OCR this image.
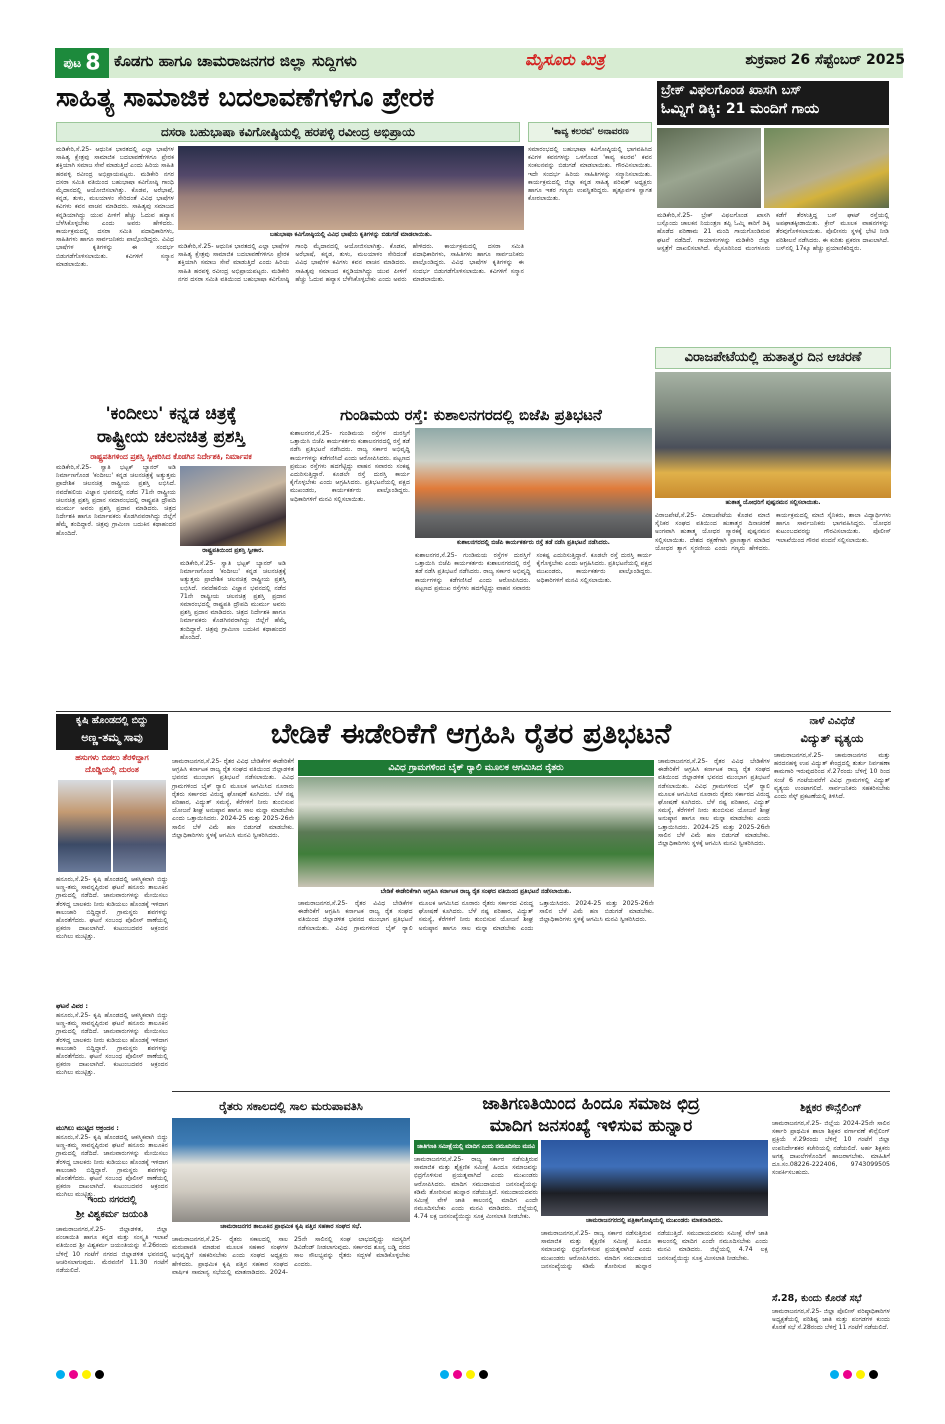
ಪುಟ 8 ಕೊಡಗು ಹಾಗೂ ಚಾಮರಾಜನಗರ ಜಿಲ್ಲಾ ಸುದ್ದಿಗಳು	ಮೈಸೂರು ಮಿತ್ರ	ಶುಕ್ರವಾರ 26 ಸೆಪ್ಟೆಂಬರ್ 2025
ಸಾಹಿತ್ಯ ಸಾಮಾಜಿಕ ಬದಲಾವಣೆಗಳಿಗೂ ಪ್ರೇರಕ
ದಸರಾ ಬಹುಭಾಷಾ ಕವಿಗೋಷ್ಠಿಯಲ್ಲಿ ಹರಪಳ್ಳಿ ರವೀಂದ್ರ ಅಭಿಪ್ರಾಯ
ಮಡಿಕೇರಿ,ಸೆ.25- ಆಧುನಿಕ ಭಾರತದಲ್ಲಿ ಎಲ್ಲಾ ಭಾಷೆಗಳ ಸಾಹಿತ್ಯ ಕ್ಷೇತ್ರವು ಸಾಮಾಜಿಕ ಬದಲಾವಣೆಗಳಿಗೂ ಪ್ರೇರಕ ಶಕ್ತಿಯಾಗಿ ಸಮಾಜ ಸೇವೆ ಮಾಡುತ್ತಿದೆ ಎಂದು ಹಿರಿಯ ಸಾಹಿತಿ ಹರಪಳ್ಳಿ ರವೀಂದ್ರ ಅಭಿಪ್ರಾಯಪಟ್ಟರು. ಮಡಿಕೇರಿ ನಗರ ದಸರಾ ಸಮಿತಿ ವತಿಯಿಂದ ಬಹುಭಾಷಾ ಕವಿಗೋಷ್ಠಿ ಗಾಂಧಿ ಮೈದಾನದಲ್ಲಿ ಆಯೋಜಿಸಲಾಗಿತ್ತು. ಕೊಡವ, ಅರೆಭಾಷೆ, ಕನ್ನಡ, ತುಳು, ಮಲಯಾಳಂ ಸೇರಿದಂತೆ ವಿವಿಧ ಭಾಷೆಗಳ ಕವಿಗಳು ಕವನ ವಾಚನ ಮಾಡಿದರು. ಸಾಹಿತ್ಯವು ಸಮಾಜದ ಕನ್ನಡಿಯಾಗಿದ್ದು ಯುವ ಪೀಳಿಗೆ ಹೆಚ್ಚು ಓದುವ ಹವ್ಯಾಸ ಬೆಳೆಸಿಕೊಳ್ಳಬೇಕು ಎಂದು ಅವರು ಹೇಳಿದರು. ಕಾರ್ಯಕ್ರಮದಲ್ಲಿ ದಸರಾ ಸಮಿತಿ ಪದಾಧಿಕಾರಿಗಳು, ಸಾಹಿತಿಗಳು ಹಾಗೂ ಸಾರ್ವಜನಿಕರು ಪಾಲ್ಗೊಂಡಿದ್ದರು. ವಿವಿಧ ಭಾಷೆಗಳ ಕೃತಿಗಳನ್ನು ಈ ಸಂದರ್ಭ ಬಿಡುಗಡೆಗೊಳಿಸಲಾಯಿತು. ಕವಿಗಳಿಗೆ ಸನ್ಮಾನ ಮಾಡಲಾಯಿತು.
ಬಹುಭಾಷಾ ಕವಿಗೋಷ್ಠಿಯಲ್ಲಿ ವಿವಿಧ ಭಾಷೆಯ ಕೃತಿಗಳನ್ನು ಬಿಡುಗಡೆ ಮಾಡಲಾಯಿತು.
ಮಡಿಕೇರಿ,ಸೆ.25- ಆಧುನಿಕ ಭಾರತದಲ್ಲಿ ಎಲ್ಲಾ ಭಾಷೆಗಳ ಸಾಹಿತ್ಯ ಕ್ಷೇತ್ರವು ಸಾಮಾಜಿಕ ಬದಲಾವಣೆಗಳಿಗೂ ಪ್ರೇರಕ ಶಕ್ತಿಯಾಗಿ ಸಮಾಜ ಸೇವೆ ಮಾಡುತ್ತಿದೆ ಎಂದು ಹಿರಿಯ ಸಾಹಿತಿ ಹರಪಳ್ಳಿ ರವೀಂದ್ರ ಅಭಿಪ್ರಾಯಪಟ್ಟರು. ಮಡಿಕೇರಿ ನಗರ ದಸರಾ ಸಮಿತಿ ವತಿಯಿಂದ ಬಹುಭಾಷಾ ಕವಿಗೋಷ್ಠಿ ಗಾಂಧಿ ಮೈದಾನದಲ್ಲಿ ಆಯೋಜಿಸಲಾಗಿತ್ತು. ಕೊಡವ, ಅರೆಭಾಷೆ, ಕನ್ನಡ, ತುಳು, ಮಲಯಾಳಂ ಸೇರಿದಂತೆ ವಿವಿಧ ಭಾಷೆಗಳ ಕವಿಗಳು ಕವನ ವಾಚನ ಮಾಡಿದರು. ಸಾಹಿತ್ಯವು ಸಮಾಜದ ಕನ್ನಡಿಯಾಗಿದ್ದು ಯುವ ಪೀಳಿಗೆ ಹೆಚ್ಚು ಓದುವ ಹವ್ಯಾಸ ಬೆಳೆಸಿಕೊಳ್ಳಬೇಕು ಎಂದು ಅವರು ಹೇಳಿದರು. ಕಾರ್ಯಕ್ರಮದಲ್ಲಿ ದಸರಾ ಸಮಿತಿ ಪದಾಧಿಕಾರಿಗಳು, ಸಾಹಿತಿಗಳು ಹಾಗೂ ಸಾರ್ವಜನಿಕರು ಪಾಲ್ಗೊಂಡಿದ್ದರು. ವಿವಿಧ ಭಾಷೆಗಳ ಕೃತಿಗಳನ್ನು ಈ ಸಂದರ್ಭ ಬಿಡುಗಡೆಗೊಳಿಸಲಾಯಿತು. ಕವಿಗಳಿಗೆ ಸನ್ಮಾನ ಮಾಡಲಾಯಿತು.
'ಕಾವ್ಯ ಕಲರವ' ಅನಾವರಣ
ಸಮಾರಂಭದಲ್ಲಿ ಬಹುಭಾಷಾ ಕವಿಗೋಷ್ಠಿಯಲ್ಲಿ ಭಾಗವಹಿಸಿದ ಕವಿಗಳ ಕವನಗಳನ್ನು ಒಳಗೊಂಡ 'ಕಾವ್ಯ ಕಲರವ' ಕವನ ಸಂಕಲನವನ್ನು ಬಿಡುಗಡೆ ಮಾಡಲಾಯಿತು. ಗೌರವಿಸಲಾಯಿತು. ಇದೇ ಸಂದರ್ಭ ಹಿರಿಯ ಸಾಹಿತಿಗಳನ್ನು ಸನ್ಮಾನಿಸಲಾಯಿತು. ಕಾರ್ಯಕ್ರಮದಲ್ಲಿ ಜಿಲ್ಲಾ ಕನ್ನಡ ಸಾಹಿತ್ಯ ಪರಿಷತ್ ಅಧ್ಯಕ್ಷರು ಹಾಗೂ ಇತರ ಗಣ್ಯರು ಉಪಸ್ಥಿತರಿದ್ದರು. ಹೃತ್ಪೂರ್ವಕ ಸ್ವಾಗತ ಕೋರಲಾಯಿತು.
ಬ್ರೇಕ್ ವಿಫಲಗೊಂಡ ಖಾಸಗಿ ಬಸ್
ಓಮ್ನಿಗೆ ಡಿಕ್ಕಿ: 21 ಮಂದಿಗೆ ಗಾಯ
ಮಡಿಕೇರಿ,ಸೆ.25- ಬ್ರೇಕ್ ವಿಫಲಗೊಂಡ ಖಾಸಗಿ ಬಸ್ಸೊಂದು ಚಾಲಕನ ನಿಯಂತ್ರಣ ತಪ್ಪಿ ಓಮ್ನಿ ಕಾರಿಗೆ ಡಿಕ್ಕಿ ಹೊಡೆದ ಪರಿಣಾಮ 21 ಮಂದಿ ಗಾಯಗೊಂಡಿರುವ ಘಟನೆ ನಡೆದಿದೆ. ಗಾಯಾಳುಗಳನ್ನು ಮಡಿಕೇರಿ ಜಿಲ್ಲಾ ಆಸ್ಪತ್ರೆಗೆ ದಾಖಲಿಸಲಾಗಿದೆ. ಮೈಸೂರಿನಿಂದ ಮಂಗಳೂರು ಕಡೆಗೆ ತೆರಳುತ್ತಿದ್ದ ಬಸ್ ಘಾಟ್ ರಸ್ತೆಯಲ್ಲಿ ಅಪಘಾತಕ್ಕೀಡಾಯಿತು. ಕ್ರೇನ್ ಮೂಲಕ ವಾಹನಗಳನ್ನು ತೆರವುಗೊಳಿಸಲಾಯಿತು. ಪೊಲೀಸರು ಸ್ಥಳಕ್ಕೆ ಭೇಟಿ ನೀಡಿ ಪರಿಶೀಲನೆ ನಡೆಸಿದರು. ಈ ಕುರಿತು ಪ್ರಕರಣ ದಾಖಲಾಗಿದೆ. ಬಸ್‌ನಲ್ಲಿ 17ಕ್ಕೂ ಹೆಚ್ಚು ಪ್ರಯಾಣಿಕರಿದ್ದರು.
ವಿರಾಜಪೇಟೆಯಲ್ಲಿ ಹುತಾತ್ಮರ ದಿನ ಆಚರಣೆ
ಹುತಾತ್ಮ ಯೋಧರಿಗೆ ಪುಷ್ಪನಮನ ಸಲ್ಲಿಸಲಾಯಿತು.
ವಿರಾಜಪೇಟೆ,ಸೆ.25- ವಿರಾಜಪೇಟೆಯ ಕೊಡವ ಮಾಜಿ ಸೈನಿಕರ ಸಂಘದ ವತಿಯಿಂದ ಹುತಾತ್ಮರ ದಿನಾಚರಣೆ ಅಂಗವಾಗಿ ಹುತಾತ್ಮ ಯೋಧರ ಸ್ಮಾರಕಕ್ಕೆ ಪುಷ್ಪನಮನ ಸಲ್ಲಿಸಲಾಯಿತು. ದೇಶದ ರಕ್ಷಣೆಗಾಗಿ ಪ್ರಾಣತ್ಯಾಗ ಮಾಡಿದ ಯೋಧರ ತ್ಯಾಗ ಸ್ಮರಣೀಯ ಎಂದು ಗಣ್ಯರು ಹೇಳಿದರು. ಕಾರ್ಯಕ್ರಮದಲ್ಲಿ ಮಾಜಿ ಸೈನಿಕರು, ಶಾಲಾ ವಿದ್ಯಾರ್ಥಿಗಳು ಹಾಗೂ ಸಾರ್ವಜನಿಕರು ಭಾಗವಹಿಸಿದ್ದರು. ಯೋಧರ ಕುಟುಂಬದವರನ್ನು ಗೌರವಿಸಲಾಯಿತು. ಪೊಲೀಸ್ ಇಲಾಖೆಯಿಂದ ಗೌರವ ವಂದನೆ ಸಲ್ಲಿಸಲಾಯಿತು.
'ಕಂದೀಲು' ಕನ್ನಡ ಚಿತ್ರಕ್ಕೆ
ರಾಷ್ಟ್ರೀಯ ಚಲನಚಿತ್ರ ಪ್ರಶಸ್ತಿ
ರಾಷ್ಟ್ರಪತಿಗಳಿಂದ ಪ್ರಶಸ್ತಿ ಸ್ವೀಕರಿಸಿದ ಕೊಡಗಿನ ನಿರ್ದೇಶಕಿ, ನಿರ್ಮಾಪಕ
ಮಡಿಕೇರಿ,ಸೆ.25- ಸ್ವಾತಿ ಭಟ್ಟಕ್ ಬ್ಯಾನರ್ ಅಡಿ ನಿರ್ಮಾಣಗೊಂಡ 'ಕಂದೀಲು' ಕನ್ನಡ ಚಲನಚಿತ್ರಕ್ಕೆ ಅತ್ಯುತ್ತಮ ಪ್ರಾದೇಶಿಕ ಚಲನಚಿತ್ರ ರಾಷ್ಟ್ರೀಯ ಪ್ರಶಸ್ತಿ ಲಭಿಸಿದೆ. ನವದೆಹಲಿಯ ವಿಜ್ಞಾನ ಭವನದಲ್ಲಿ ನಡೆದ 71ನೇ ರಾಷ್ಟ್ರೀಯ ಚಲನಚಿತ್ರ ಪ್ರಶಸ್ತಿ ಪ್ರದಾನ ಸಮಾರಂಭದಲ್ಲಿ ರಾಷ್ಟ್ರಪತಿ ದ್ರೌಪದಿ ಮುರ್ಮು ಅವರು ಪ್ರಶಸ್ತಿ ಪ್ರದಾನ ಮಾಡಿದರು. ಚಿತ್ರದ ನಿರ್ದೇಶಕಿ ಹಾಗೂ ನಿರ್ಮಾಪಕರು ಕೊಡಗಿನವರಾಗಿದ್ದು ಜಿಲ್ಲೆಗೆ ಹೆಮ್ಮೆ ತಂದಿದ್ದಾರೆ. ಚಿತ್ರವು ಗ್ರಾಮೀಣ ಬದುಕಿನ ಕಥಾಹಂದರ ಹೊಂದಿದೆ.
ರಾಷ್ಟ್ರಪತಿಯಿಂದ ಪ್ರಶಸ್ತಿ ಸ್ವೀಕಾರ.
ಮಡಿಕೇರಿ,ಸೆ.25- ಸ್ವಾತಿ ಭಟ್ಟಕ್ ಬ್ಯಾನರ್ ಅಡಿ ನಿರ್ಮಾಣಗೊಂಡ 'ಕಂದೀಲು' ಕನ್ನಡ ಚಲನಚಿತ್ರಕ್ಕೆ ಅತ್ಯುತ್ತಮ ಪ್ರಾದೇಶಿಕ ಚಲನಚಿತ್ರ ರಾಷ್ಟ್ರೀಯ ಪ್ರಶಸ್ತಿ ಲಭಿಸಿದೆ. ನವದೆಹಲಿಯ ವಿಜ್ಞಾನ ಭವನದಲ್ಲಿ ನಡೆದ 71ನೇ ರಾಷ್ಟ್ರೀಯ ಚಲನಚಿತ್ರ ಪ್ರಶಸ್ತಿ ಪ್ರದಾನ ಸಮಾರಂಭದಲ್ಲಿ ರಾಷ್ಟ್ರಪತಿ ದ್ರೌಪದಿ ಮುರ್ಮು ಅವರು ಪ್ರಶಸ್ತಿ ಪ್ರದಾನ ಮಾಡಿದರು. ಚಿತ್ರದ ನಿರ್ದೇಶಕಿ ಹಾಗೂ ನಿರ್ಮಾಪಕರು ಕೊಡಗಿನವರಾಗಿದ್ದು ಜಿಲ್ಲೆಗೆ ಹೆಮ್ಮೆ ತಂದಿದ್ದಾರೆ. ಚಿತ್ರವು ಗ್ರಾಮೀಣ ಬದುಕಿನ ಕಥಾಹಂದರ ಹೊಂದಿದೆ.
ಗುಂಡಿಮಯ ರಸ್ತೆ: ಕುಶಾಲನಗರದಲ್ಲಿ ಬಿಜೆಪಿ ಪ್ರತಿಭಟನೆ
ಕುಶಾಲನಗರದಲ್ಲಿ ಬಿಜೆಪಿ ಕಾರ್ಯಕರ್ತರು ರಸ್ತೆ ತಡೆ ನಡೆಸಿ ಪ್ರತಿಭಟನೆ ನಡೆಸಿದರು.
ಕುಶಾಲನಗರ,ಸೆ.25- ಗುಂಡಿಮಯ ರಸ್ತೆಗಳ ದುರಸ್ತಿಗೆ ಒತ್ತಾಯಿಸಿ ಬಿಜೆಪಿ ಕಾರ್ಯಕರ್ತರು ಕುಶಾಲನಗರದಲ್ಲಿ ರಸ್ತೆ ತಡೆ ನಡೆಸಿ ಪ್ರತಿಭಟನೆ ನಡೆಸಿದರು. ರಾಜ್ಯ ಸರ್ಕಾರ ಅಭಿವೃದ್ಧಿ ಕಾರ್ಯಗಳನ್ನು ಕಡೆಗಣಿಸಿದೆ ಎಂದು ಆರೋಪಿಸಿದರು. ಪಟ್ಟಣದ ಪ್ರಮುಖ ರಸ್ತೆಗಳು ಹದಗೆಟ್ಟಿದ್ದು ವಾಹನ ಸವಾರರು ಸಂಕಷ್ಟ ಎದುರಿಸುತ್ತಿದ್ದಾರೆ. ಕೂಡಲೇ ರಸ್ತೆ ದುರಸ್ತಿ ಕಾರ್ಯ ಕೈಗೊಳ್ಳಬೇಕು ಎಂದು ಆಗ್ರಹಿಸಿದರು. ಪ್ರತಿಭಟನೆಯಲ್ಲಿ ಪಕ್ಷದ ಮುಖಂಡರು, ಕಾರ್ಯಕರ್ತರು ಪಾಲ್ಗೊಂಡಿದ್ದರು. ಅಧಿಕಾರಿಗಳಿಗೆ ಮನವಿ ಸಲ್ಲಿಸಲಾಯಿತು.
ಕುಶಾಲನಗರ,ಸೆ.25- ಗುಂಡಿಮಯ ರಸ್ತೆಗಳ ದುರಸ್ತಿಗೆ ಒತ್ತಾಯಿಸಿ ಬಿಜೆಪಿ ಕಾರ್ಯಕರ್ತರು ಕುಶಾಲನಗರದಲ್ಲಿ ರಸ್ತೆ ತಡೆ ನಡೆಸಿ ಪ್ರತಿಭಟನೆ ನಡೆಸಿದರು. ರಾಜ್ಯ ಸರ್ಕಾರ ಅಭಿವೃದ್ಧಿ ಕಾರ್ಯಗಳನ್ನು ಕಡೆಗಣಿಸಿದೆ ಎಂದು ಆರೋಪಿಸಿದರು. ಪಟ್ಟಣದ ಪ್ರಮುಖ ರಸ್ತೆಗಳು ಹದಗೆಟ್ಟಿದ್ದು ವಾಹನ ಸವಾರರು ಸಂಕಷ್ಟ ಎದುರಿಸುತ್ತಿದ್ದಾರೆ. ಕೂಡಲೇ ರಸ್ತೆ ದುರಸ್ತಿ ಕಾರ್ಯ ಕೈಗೊಳ್ಳಬೇಕು ಎಂದು ಆಗ್ರಹಿಸಿದರು. ಪ್ರತಿಭಟನೆಯಲ್ಲಿ ಪಕ್ಷದ ಮುಖಂಡರು, ಕಾರ್ಯಕರ್ತರು ಪಾಲ್ಗೊಂಡಿದ್ದರು. ಅಧಿಕಾರಿಗಳಿಗೆ ಮನವಿ ಸಲ್ಲಿಸಲಾಯಿತು.
ಕೃಷಿ ಹೊಂಡದಲ್ಲಿ ಬಿದ್ದು
ಅಣ್ಣ-ತಮ್ಮ ಸಾವು
ಹಸುಗಳು ಬಿಡಲು ತೆರಳಿದ್ದಾಗ
ದೊಡ್ಡಿಯಲ್ಲಿ ದುರಂತ
ಹನೂರು,ಸೆ.25- ಕೃಷಿ ಹೊಂಡದಲ್ಲಿ ಆಕಸ್ಮಿಕವಾಗಿ ಬಿದ್ದು ಅಣ್ಣ-ತಮ್ಮ ಸಾವನ್ನಪ್ಪಿರುವ ಘಟನೆ ಹನೂರು ತಾಲೂಕಿನ ಗ್ರಾಮದಲ್ಲಿ ನಡೆದಿದೆ. ಜಾನುವಾರುಗಳನ್ನು ಮೇಯಿಸಲು ತೆರಳಿದ್ದ ಬಾಲಕರು ನೀರು ಕುಡಿಯಲು ಹೊಂಡಕ್ಕೆ ಇಳಿದಾಗ ಕಾಲುಜಾರಿ ಬಿದ್ದಿದ್ದಾರೆ. ಗ್ರಾಮಸ್ಥರು ಶವಗಳನ್ನು ಹೊರತೆಗೆದರು. ಘಟನೆ ಸಂಬಂಧ ಪೊಲೀಸ್ ಠಾಣೆಯಲ್ಲಿ ಪ್ರಕರಣ ದಾಖಲಾಗಿದೆ. ಕುಟುಂಬದವರ ಆಕ್ರಂದನ ಮುಗಿಲು ಮುಟ್ಟಿತ್ತು.
ಘಟನೆ ವಿವರ :
ಹನೂರು,ಸೆ.25- ಕೃಷಿ ಹೊಂಡದಲ್ಲಿ ಆಕಸ್ಮಿಕವಾಗಿ ಬಿದ್ದು ಅಣ್ಣ-ತಮ್ಮ ಸಾವನ್ನಪ್ಪಿರುವ ಘಟನೆ ಹನೂರು ತಾಲೂಕಿನ ಗ್ರಾಮದಲ್ಲಿ ನಡೆದಿದೆ. ಜಾನುವಾರುಗಳನ್ನು ಮೇಯಿಸಲು ತೆರಳಿದ್ದ ಬಾಲಕರು ನೀರು ಕುಡಿಯಲು ಹೊಂಡಕ್ಕೆ ಇಳಿದಾಗ ಕಾಲುಜಾರಿ ಬಿದ್ದಿದ್ದಾರೆ. ಗ್ರಾಮಸ್ಥರು ಶವಗಳನ್ನು ಹೊರತೆಗೆದರು. ಘಟನೆ ಸಂಬಂಧ ಪೊಲೀಸ್ ಠಾಣೆಯಲ್ಲಿ ಪ್ರಕರಣ ದಾಖಲಾಗಿದೆ. ಕುಟುಂಬದವರ ಆಕ್ರಂದನ ಮುಗಿಲು ಮುಟ್ಟಿತ್ತು.
ಮುಗಿಲು ಮುಟ್ಟಿದ ಆಕ್ರಂದನ :
ಹನೂರು,ಸೆ.25- ಕೃಷಿ ಹೊಂಡದಲ್ಲಿ ಆಕಸ್ಮಿಕವಾಗಿ ಬಿದ್ದು ಅಣ್ಣ-ತಮ್ಮ ಸಾವನ್ನಪ್ಪಿರುವ ಘಟನೆ ಹನೂರು ತಾಲೂಕಿನ ಗ್ರಾಮದಲ್ಲಿ ನಡೆದಿದೆ. ಜಾನುವಾರುಗಳನ್ನು ಮೇಯಿಸಲು ತೆರಳಿದ್ದ ಬಾಲಕರು ನೀರು ಕುಡಿಯಲು ಹೊಂಡಕ್ಕೆ ಇಳಿದಾಗ ಕಾಲುಜಾರಿ ಬಿದ್ದಿದ್ದಾರೆ. ಗ್ರಾಮಸ್ಥರು ಶವಗಳನ್ನು ಹೊರತೆಗೆದರು. ಘಟನೆ ಸಂಬಂಧ ಪೊಲೀಸ್ ಠಾಣೆಯಲ್ಲಿ ಪ್ರಕರಣ ದಾಖಲಾಗಿದೆ. ಕುಟುಂಬದವರ ಆಕ್ರಂದನ ಮುಗಿಲು ಮುಟ್ಟಿತ್ತು.
ಇಂದು ನಗರದಲ್ಲಿ
ಶ್ರೀ ವಿಶ್ವಕರ್ಮ ಜಯಂತಿ
ಚಾಮರಾಜನಗರ,ಸೆ.25- ಜಿಲ್ಲಾಡಳಿತ, ಜಿಲ್ಲಾ ಪಂಚಾಯಿತಿ ಹಾಗೂ ಕನ್ನಡ ಮತ್ತು ಸಂಸ್ಕೃತಿ ಇಲಾಖೆ ವತಿಯಿಂದ ಶ್ರೀ ವಿಶ್ವಕರ್ಮ ಜಯಂತಿಯನ್ನು ಸೆ.26ರಂದು ಬೆಳಿಗ್ಗೆ 10 ಗಂಟೆಗೆ ನಗರದ ಜಿಲ್ಲಾಡಳಿತ ಭವನದಲ್ಲಿ ಆಚರಿಸಲಾಗುವುದು. ಮೆರವಣಿಗೆ 11.30 ಗಂಟೆಗೆ ನಡೆಯಲಿದೆ.
ಬೇಡಿಕೆ ಈಡೇರಿಕೆಗೆ ಆಗ್ರಹಿಸಿ ರೈತರ ಪ್ರತಿಭಟನೆ
ಚಾಮರಾಜನಗರ,ಸೆ.25- ರೈತರ ವಿವಿಧ ಬೇಡಿಕೆಗಳ ಈಡೇರಿಕೆಗೆ ಆಗ್ರಹಿಸಿ ಕರ್ನಾಟಕ ರಾಜ್ಯ ರೈತ ಸಂಘದ ವತಿಯಿಂದ ಜಿಲ್ಲಾಡಳಿತ ಭವನದ ಮುಂಭಾಗ ಪ್ರತಿಭಟನೆ ನಡೆಸಲಾಯಿತು. ವಿವಿಧ ಗ್ರಾಮಗಳಿಂದ ಬೈಕ್ ರ‍್ಯಾಲಿ ಮೂಲಕ ಆಗಮಿಸಿದ ನೂರಾರು ರೈತರು ಸರ್ಕಾರದ ವಿರುದ್ಧ ಘೋಷಣೆ ಕೂಗಿದರು. ಬೆಳೆ ನಷ್ಟ ಪರಿಹಾರ, ವಿದ್ಯುತ್ ಸಮಸ್ಯೆ, ಕೆರೆಗಳಿಗೆ ನೀರು ತುಂಬಿಸುವ ಯೋಜನೆ ಶೀಘ್ರ ಅನುಷ್ಠಾನ ಹಾಗೂ ಸಾಲ ಮನ್ನಾ ಮಾಡಬೇಕು ಎಂದು ಒತ್ತಾಯಿಸಿದರು. 2024-25 ಮತ್ತು 2025-26ನೇ ಸಾಲಿನ ಬೆಳೆ ವಿಮೆ ಹಣ ಬಿಡುಗಡೆ ಮಾಡಬೇಕು. ಜಿಲ್ಲಾಧಿಕಾರಿಗಳು ಸ್ಥಳಕ್ಕೆ ಆಗಮಿಸಿ ಮನವಿ ಸ್ವೀಕರಿಸಿದರು.
ವಿವಿಧ ಗ್ರಾಮಗಳಿಂದ ಬೈಕ್ ರ‍್ಯಾಲಿ ಮೂಲಕ ಆಗಮಿಸಿದ ರೈತರು
ಬೇಡಿಕೆ ಈಡೇರಿಕೆಗಾಗಿ ಆಗ್ರಹಿಸಿ ಕರ್ನಾಟಕ ರಾಜ್ಯ ರೈತ ಸಂಘದ ವತಿಯಿಂದ ಪ್ರತಿಭಟನೆ ನಡೆಸಲಾಯಿತು.
ಚಾಮರಾಜನಗರ,ಸೆ.25- ರೈತರ ವಿವಿಧ ಬೇಡಿಕೆಗಳ ಈಡೇರಿಕೆಗೆ ಆಗ್ರಹಿಸಿ ಕರ್ನಾಟಕ ರಾಜ್ಯ ರೈತ ಸಂಘದ ವತಿಯಿಂದ ಜಿಲ್ಲಾಡಳಿತ ಭವನದ ಮುಂಭಾಗ ಪ್ರತಿಭಟನೆ ನಡೆಸಲಾಯಿತು. ವಿವಿಧ ಗ್ರಾಮಗಳಿಂದ ಬೈಕ್ ರ‍್ಯಾಲಿ ಮೂಲಕ ಆಗಮಿಸಿದ ನೂರಾರು ರೈತರು ಸರ್ಕಾರದ ವಿರುದ್ಧ ಘೋಷಣೆ ಕೂಗಿದರು. ಬೆಳೆ ನಷ್ಟ ಪರಿಹಾರ, ವಿದ್ಯುತ್ ಸಮಸ್ಯೆ, ಕೆರೆಗಳಿಗೆ ನೀರು ತುಂಬಿಸುವ ಯೋಜನೆ ಶೀಘ್ರ ಅನುಷ್ಠಾನ ಹಾಗೂ ಸಾಲ ಮನ್ನಾ ಮಾಡಬೇಕು ಎಂದು ಒತ್ತಾಯಿಸಿದರು. 2024-25 ಮತ್ತು 2025-26ನೇ ಸಾಲಿನ ಬೆಳೆ ವಿಮೆ ಹಣ ಬಿಡುಗಡೆ ಮಾಡಬೇಕು. ಜಿಲ್ಲಾಧಿಕಾರಿಗಳು ಸ್ಥಳಕ್ಕೆ ಆಗಮಿಸಿ ಮನವಿ ಸ್ವೀಕರಿಸಿದರು.
ಚಾಮರಾಜನಗರ,ಸೆ.25- ರೈತರ ವಿವಿಧ ಬೇಡಿಕೆಗಳ ಈಡೇರಿಕೆಗೆ ಆಗ್ರಹಿಸಿ ಕರ್ನಾಟಕ ರಾಜ್ಯ ರೈತ ಸಂಘದ ವತಿಯಿಂದ ಜಿಲ್ಲಾಡಳಿತ ಭವನದ ಮುಂಭಾಗ ಪ್ರತಿಭಟನೆ ನಡೆಸಲಾಯಿತು. ವಿವಿಧ ಗ್ರಾಮಗಳಿಂದ ಬೈಕ್ ರ‍್ಯಾಲಿ ಮೂಲಕ ಆಗಮಿಸಿದ ನೂರಾರು ರೈತರು ಸರ್ಕಾರದ ವಿರುದ್ಧ ಘೋಷಣೆ ಕೂಗಿದರು. ಬೆಳೆ ನಷ್ಟ ಪರಿಹಾರ, ವಿದ್ಯುತ್ ಸಮಸ್ಯೆ, ಕೆರೆಗಳಿಗೆ ನೀರು ತುಂಬಿಸುವ ಯೋಜನೆ ಶೀಘ್ರ ಅನುಷ್ಠಾನ ಹಾಗೂ ಸಾಲ ಮನ್ನಾ ಮಾಡಬೇಕು ಎಂದು ಒತ್ತಾಯಿಸಿದರು. 2024-25 ಮತ್ತು 2025-26ನೇ ಸಾಲಿನ ಬೆಳೆ ವಿಮೆ ಹಣ ಬಿಡುಗಡೆ ಮಾಡಬೇಕು. ಜಿಲ್ಲಾಧಿಕಾರಿಗಳು ಸ್ಥಳಕ್ಕೆ ಆಗಮಿಸಿ ಮನವಿ ಸ್ವೀಕರಿಸಿದರು.
ನಾಳೆ ವಿವಿಧೆಡೆ
ವಿದ್ಯುತ್ ವ್ಯತ್ಯಯ
ಚಾಮರಾಜನಗರ,ಸೆ.25- ಚಾಮರಾಜನಗರ ಮತ್ತು ಹರದನಹಳ್ಳಿ ಉಪ ವಿದ್ಯುತ್ ಕೇಂದ್ರದಲ್ಲಿ ತುರ್ತು ನಿರ್ವಹಣಾ ಕಾಮಗಾರಿ ಇರುವುದರಿಂದ ಸೆ.27ರಂದು ಬೆಳಿಗ್ಗೆ 10 ರಿಂದ ಸಂಜೆ 6 ಗಂಟೆಯವರೆಗೆ ವಿವಿಧ ಗ್ರಾಮಗಳಲ್ಲಿ ವಿದ್ಯುತ್ ವ್ಯತ್ಯಯ ಉಂಟಾಗಲಿದೆ. ಸಾರ್ವಜನಿಕರು ಸಹಕರಿಸಬೇಕು ಎಂದು ಸೆಸ್ಕ್ ಪ್ರಕಟಣೆಯಲ್ಲಿ ತಿಳಿಸಿದೆ.
ರೈತರು ಸಕಾಲದಲ್ಲಿ ಸಾಲ ಮರುಪಾವತಿಸಿ
ಚಾಮರಾಜನಗರ ತಾಲೂಕಿನ ಪ್ರಾಥಮಿಕ ಕೃಷಿ ಪತ್ತಿನ ಸಹಕಾರ ಸಂಘದ ಸಭೆ.
ಚಾಮರಾಜನಗರ,ಸೆ.25- ರೈತರು ಸಕಾಲದಲ್ಲಿ ಸಾಲ ಮರುಪಾವತಿ ಮಾಡುವ ಮೂಲಕ ಸಹಕಾರ ಸಂಘಗಳ ಅಭಿವೃದ್ಧಿಗೆ ಸಹಕರಿಸಬೇಕು ಎಂದು ಸಂಘದ ಅಧ್ಯಕ್ಷರು ಹೇಳಿದರು. ಪ್ರಾಥಮಿಕ ಕೃಷಿ ಪತ್ತಿನ ಸಹಕಾರ ಸಂಘದ ವಾರ್ಷಿಕ ಸಾಮಾನ್ಯ ಸಭೆಯಲ್ಲಿ ಮಾತನಾಡಿದರು. 2024-25ನೇ ಸಾಲಿನಲ್ಲಿ ಸಂಘ ಲಾಭದಲ್ಲಿದ್ದು ಸದಸ್ಯರಿಗೆ ಡಿವಿಡೆಂಡ್ ನೀಡಲಾಗುವುದು. ಸರ್ಕಾರದ ಶೂನ್ಯ ಬಡ್ಡಿ ದರದ ಸಾಲ ಸೌಲಭ್ಯವನ್ನು ರೈತರು ಸದ್ಬಳಕೆ ಮಾಡಿಕೊಳ್ಳಬೇಕು ಎಂದರು.
ಜಾತಿಗಣತಿಯಿಂದ ಹಿಂದೂ ಸಮಾಜ ಛಿದ್ರ
ಮಾದಿಗ ಜನಸಂಖ್ಯೆ ಇಳಿಸುವ ಹುನ್ನಾರ
ಜಾತಿಗಣತಿ ಸಮೀಕ್ಷೆಯಲ್ಲಿ ಮಾದಿಗ ಎಂದು ನಮೂದಿಸಲು ಮನವಿ
ಚಾಮರಾಜನಗರ,ಸೆ.25- ರಾಜ್ಯ ಸರ್ಕಾರ ನಡೆಸುತ್ತಿರುವ ಸಾಮಾಜಿಕ ಮತ್ತು ಶೈಕ್ಷಣಿಕ ಸಮೀಕ್ಷೆ ಹಿಂದೂ ಸಮಾಜವನ್ನು ಛಿದ್ರಗೊಳಿಸುವ ಪ್ರಯತ್ನವಾಗಿದೆ ಎಂದು ಮುಖಂಡರು ಆರೋಪಿಸಿದರು. ಮಾದಿಗ ಸಮುದಾಯದ ಜನಸಂಖ್ಯೆಯನ್ನು ಕಡಿಮೆ ತೋರಿಸುವ ಹುನ್ನಾರ ನಡೆಯುತ್ತಿದೆ. ಸಮುದಾಯದವರು ಸಮೀಕ್ಷೆ ವೇಳೆ ಜಾತಿ ಕಾಲಂನಲ್ಲಿ ಮಾದಿಗ ಎಂದೇ ನಮೂದಿಸಬೇಕು ಎಂದು ಮನವಿ ಮಾಡಿದರು. ಜಿಲ್ಲೆಯಲ್ಲಿ 4.74 ಲಕ್ಷ ಜನಸಂಖ್ಯೆಯಿದ್ದು ಸೂಕ್ತ ಮೀಸಲಾತಿ ನೀಡಬೇಕು.
ಚಾಮರಾಜನಗರದಲ್ಲಿ ಪತ್ರಿಕಾಗೋಷ್ಠಿಯಲ್ಲಿ ಮುಖಂಡರು ಮಾತನಾಡಿದರು.
ಚಾಮರಾಜನಗರ,ಸೆ.25- ರಾಜ್ಯ ಸರ್ಕಾರ ನಡೆಸುತ್ತಿರುವ ಸಾಮಾಜಿಕ ಮತ್ತು ಶೈಕ್ಷಣಿಕ ಸಮೀಕ್ಷೆ ಹಿಂದೂ ಸಮಾಜವನ್ನು ಛಿದ್ರಗೊಳಿಸುವ ಪ್ರಯತ್ನವಾಗಿದೆ ಎಂದು ಮುಖಂಡರು ಆರೋಪಿಸಿದರು. ಮಾದಿಗ ಸಮುದಾಯದ ಜನಸಂಖ್ಯೆಯನ್ನು ಕಡಿಮೆ ತೋರಿಸುವ ಹುನ್ನಾರ ನಡೆಯುತ್ತಿದೆ. ಸಮುದಾಯದವರು ಸಮೀಕ್ಷೆ ವೇಳೆ ಜಾತಿ ಕಾಲಂನಲ್ಲಿ ಮಾದಿಗ ಎಂದೇ ನಮೂದಿಸಬೇಕು ಎಂದು ಮನವಿ ಮಾಡಿದರು. ಜಿಲ್ಲೆಯಲ್ಲಿ 4.74 ಲಕ್ಷ ಜನಸಂಖ್ಯೆಯಿದ್ದು ಸೂಕ್ತ ಮೀಸಲಾತಿ ನೀಡಬೇಕು.
ಶಿಕ್ಷಕರ ಕೌನ್ಸೆಲಿಂಗ್
ಚಾಮರಾಜನಗರ,ಸೆ.25- ಜಿಲ್ಲೆಯ 2024-25ನೇ ಸಾಲಿನ ಸರ್ಕಾರಿ ಪ್ರಾಥಮಿಕ ಶಾಲಾ ಶಿಕ್ಷಕರ ವರ್ಗಾವಣೆ ಕೌನ್ಸೆಲಿಂಗ್ ಪ್ರಕ್ರಿಯೆ ಸೆ.29ರಂದು ಬೆಳಿಗ್ಗೆ 10 ಗಂಟೆಗೆ ಜಿಲ್ಲಾ ಉಪನಿರ್ದೇಶಕರ ಕಚೇರಿಯಲ್ಲಿ ನಡೆಯಲಿದೆ. ಅರ್ಹ ಶಿಕ್ಷಕರು ಅಗತ್ಯ ದಾಖಲೆಗಳೊಂದಿಗೆ ಹಾಜರಾಗಬೇಕು. ಮಾಹಿತಿಗೆ ದೂ.ಸಂ.08226-222406, 9743099505 ಸಂಪರ್ಕಿಸಬಹುದು.
ಸೆ.28, ಕುಂದು ಕೊರತೆ ಸಭೆ
ಚಾಮರಾಜನಗರ,ಸೆ.25- ಜಿಲ್ಲಾ ಪೊಲೀಸ್ ವರಿಷ್ಠಾಧಿಕಾರಿಗಳ ಅಧ್ಯಕ್ಷತೆಯಲ್ಲಿ ಪರಿಶಿಷ್ಟ ಜಾತಿ ಮತ್ತು ಪಂಗಡಗಳ ಕುಂದು ಕೊರತೆ ಸಭೆ ಸೆ.28ರಂದು ಬೆಳಿಗ್ಗೆ 11 ಗಂಟೆಗೆ ನಡೆಯಲಿದೆ.
